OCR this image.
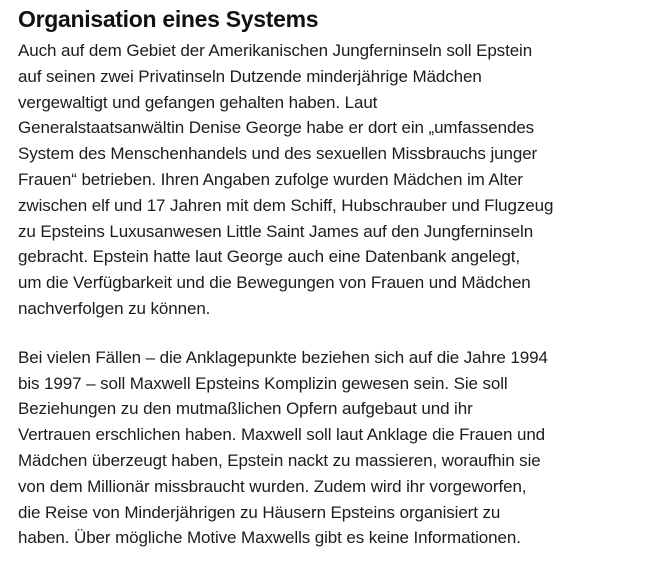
Organisation eines Systems

Auch auf dem Gebiet der Amerikanischen Jungferninseln soll Epstein
auf seinen zwei Privatinseln Dutzende minderjährige Mädchen
vergewaltigt und gefangen gehalten haben. Laut
Generalstaatsanwältin Denise George habe er dort ein „umfassendes
System des Menschenhandels und des sexuellen Missbrauchs junger
Frauen“ betrieben. Ihren Angaben zufolge wurden Mädchen im Alter
zwischen elf und 17 Jahren mit dem Schiff, Hubschrauber und Flugzeug
zu Epsteins Luxusanwesen Little Saint James auf den Jungferninseln
gebracht. Epstein hatte laut George auch eine Datenbank angelegt,
um die Verfügbarkeit und die Bewegungen von Frauen und Mädchen
nachverfolgen zu können.

Bei vielen Fällen – die Anklagepunkte beziehen sich auf die Jahre 1994
bis 1997 – soll Maxwell Epsteins Komplizin gewesen sein. Sie soll
Beziehungen zu den mutmaßlichen Opfern aufgebaut und ihr
Vertrauen erschlichen haben. Maxwell soll laut Anklage die Frauen und
Mädchen überzeugt haben, Epstein nackt zu massieren, woraufhin sie
von dem Millionär missbraucht wurden. Zudem wird ihr vorgeworfen,
die Reise von Minderjährigen zu Häusern Epsteins organisiert zu
haben. Über mögliche Motive Maxwells gibt es keine Informationen.
